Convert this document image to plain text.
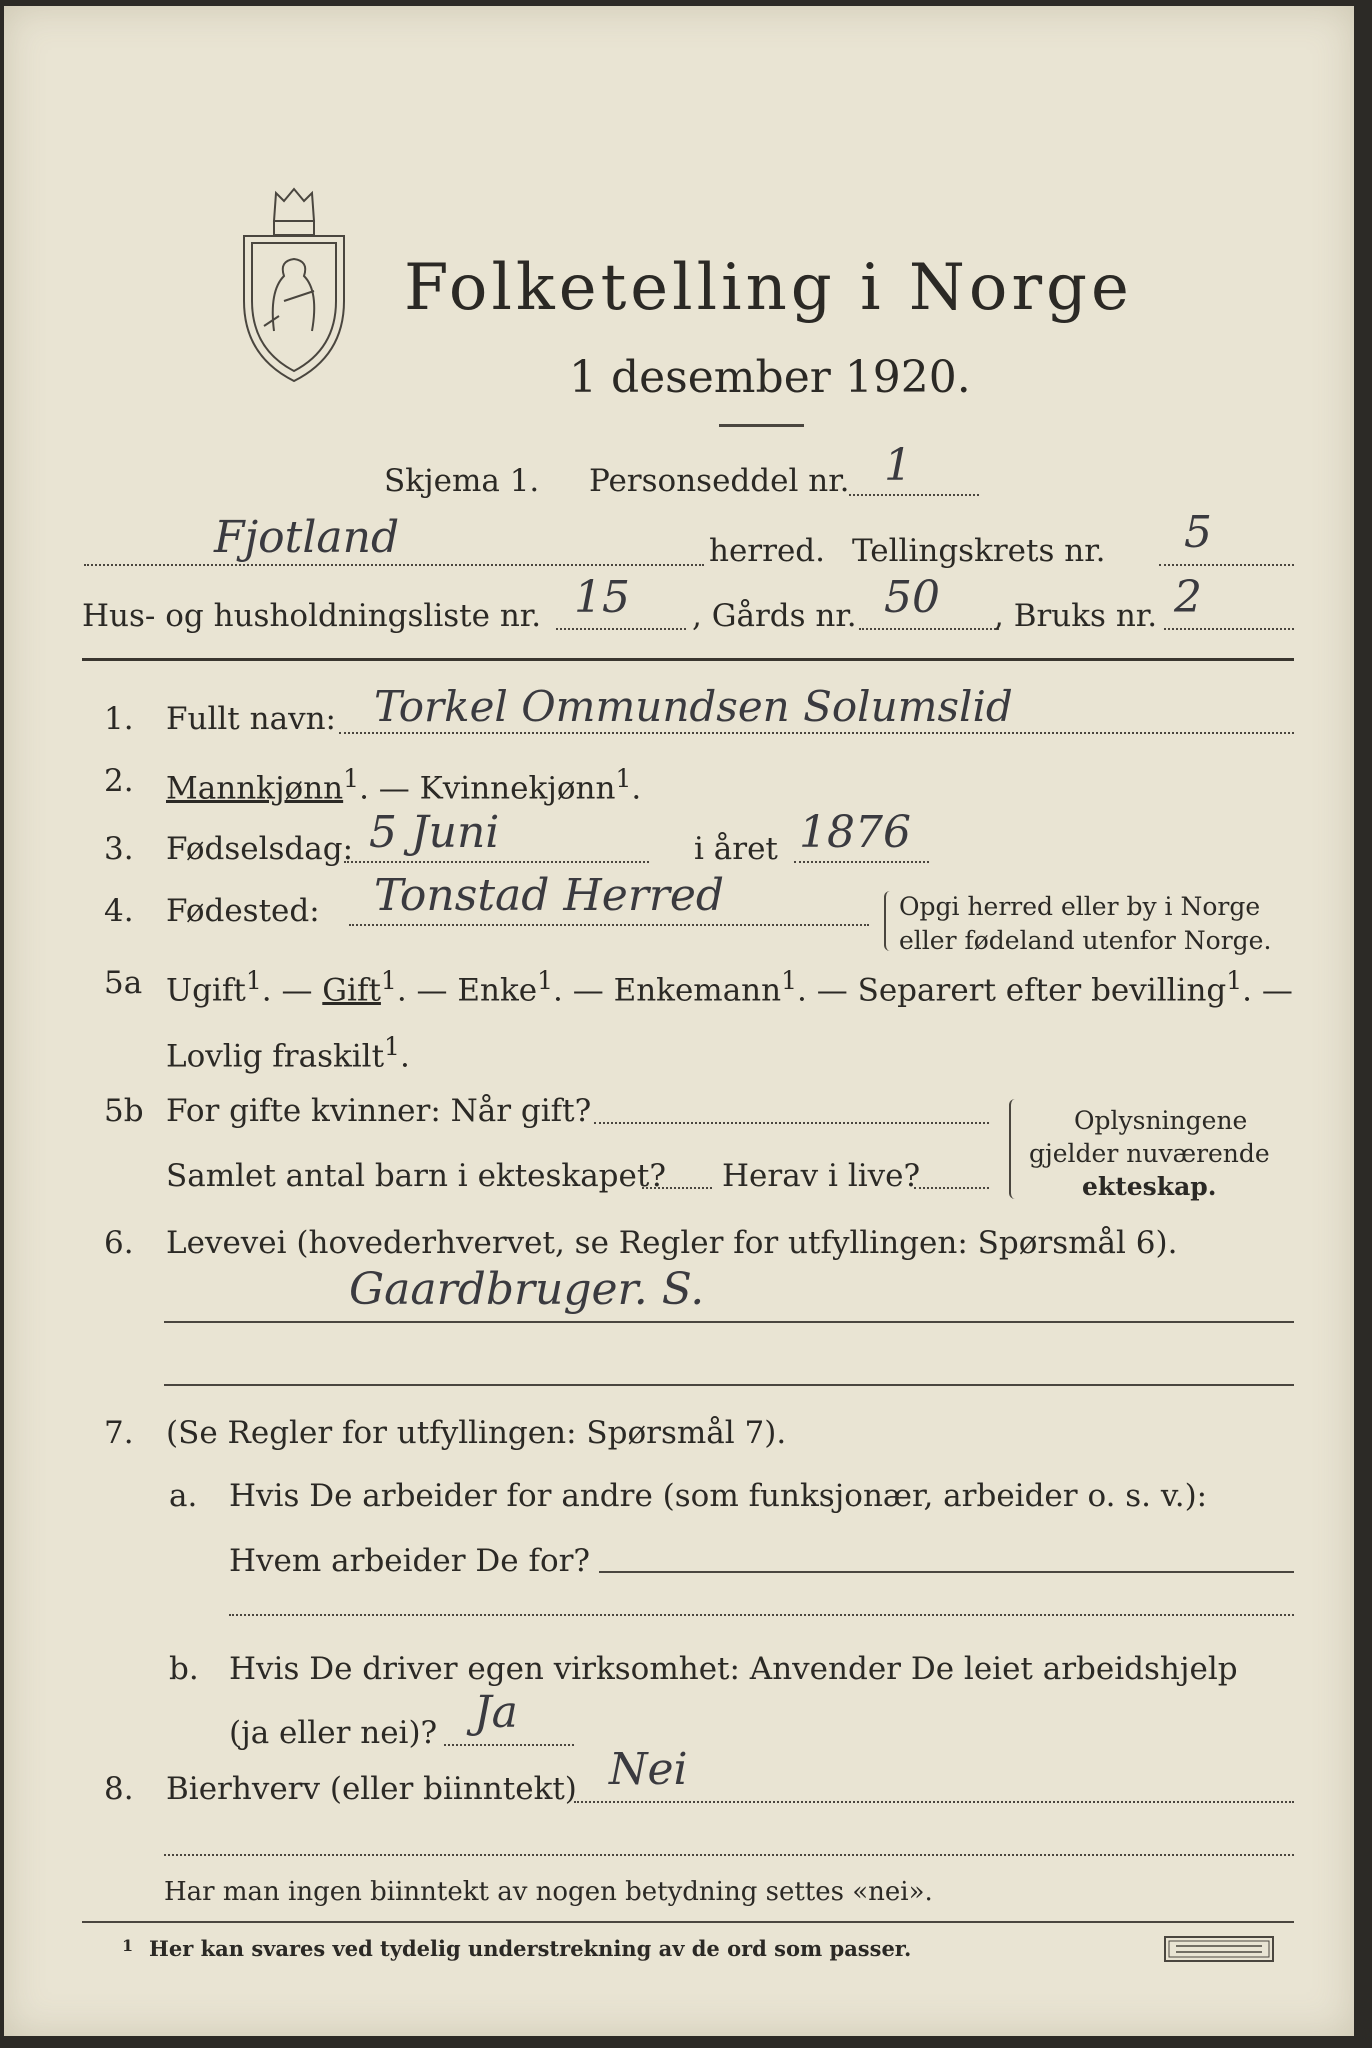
Folketelling i Norge
1 desember 1920.
Skjema 1. Personseddel nr. 1
Fjotland	herred. Tellingskrets nr. 5
Hus- og husholdningsliste nr. 15 , Gårds nr. 50 , Bruks nr. 2
1. Fullt navn: Torkel Ommundsen Solumslid
2. Mannkjønn$^1$. — Kvinnekjønn$^1$.
3. Fødselsdag: 5 Juni	i året 1876
4. Fødested: Tonstad Herred	Opgi herred eller by i Norge
eller fødeland utenfor Norge.
5a Ugift$^1$. — Gift$^1$. — Enke$^1$. — Enkemann$^1$. — Separert efter bevilling$^1$. —
Lovlig fraskilt$^1$.
5b For gifte kvinner: Når gift?
Samlet antal barn i ekteskapet? Herav i live?
Oplysningene
gjelder nuværende
ekteskap.
6. Levevei (hovederhvervet, se Regler for utfyllingen: Spørsmål 6).
Gaardbruger. S.
7. (Se Regler for utfyllingen: Spørsmål 7).
a. Hvis De arbeider for andre (som funksjonær, arbeider o. s. v.):
Hvem arbeider De for?
b. Hvis De driver egen virksomhet: Anvender De leiet arbeidshjelp
(ja eller nei)? Ja
8. Bierhverv (eller biinntekt) Nei
Har man ingen biinntekt av nogen betydning settes «nei».
1 Her kan svares ved tydelig understrekning av de ord som passer.
